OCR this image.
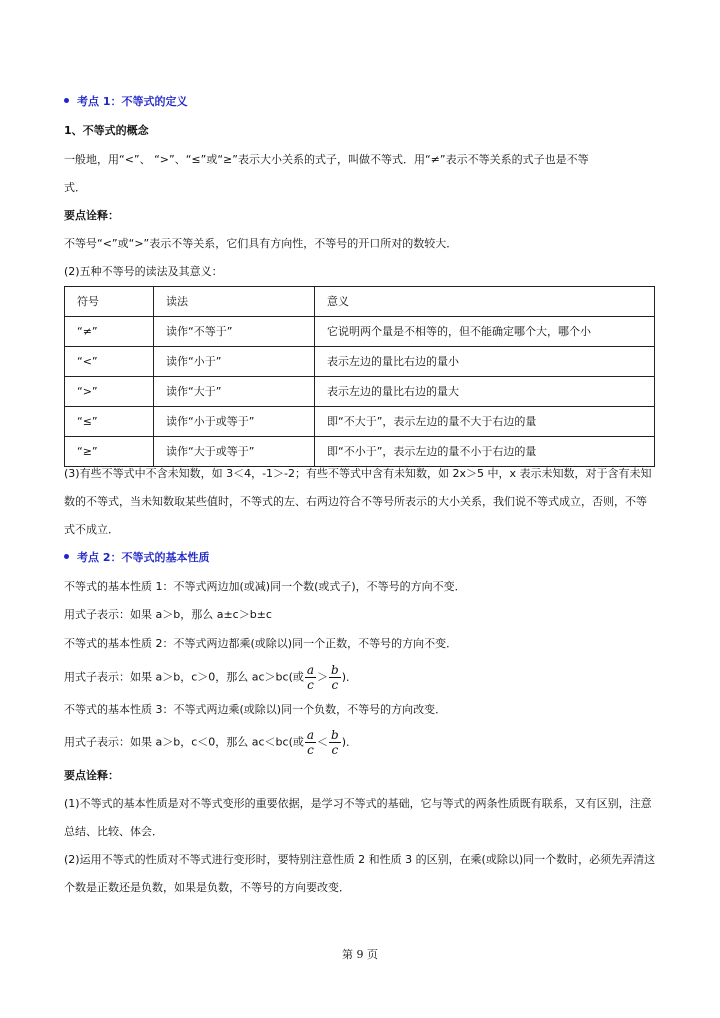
考点 1：不等式的定义
1、不等式的概念
一般地，用“<”、 “>”、“≤”或“≥”表示大小关系的式子，叫做不等式．用“≠”表示不等关系的式子也是不等
式．
要点诠释：
不等号“<”或“>”表示不等关系，它们具有方向性，不等号的开口所对的数较大．
(2)五种不等号的读法及其意义：
符号	读法	意义
“≠”	读作“不等于”	它说明两个量是不相等的，但不能确定哪个大，哪个小
“<”	读作“小于”	表示左边的量比右边的量小
“>”	读作“大于”	表示左边的量比右边的量大
“≤”	读作“小于或等于”	即“不大于”，表示左边的量不大于右边的量
“≥”	读作“大于或等于”	即“不小于”，表示左边的量不小于右边的量
(3)有些不等式中不含未知数，如 3＜4，-1＞-2；有些不等式中含有未知数，如 2x＞5 中，x 表示未知数，对于含有未知
数的不等式，当未知数取某些值时，不等式的左、右两边符合不等号所表示的大小关系，我们说不等式成立，否则，不等
式不成立．
考点 2：不等式的基本性质
不等式的基本性质 1：不等式两边加(或减)同一个数(或式子)，不等号的方向不变．
用式子表示：如果 a＞b，那么 a±c＞b±c
不等式的基本性质 2：不等式两边都乘(或除以)同一个正数，不等号的方向不变．
用式子表示：如果 a＞b，c＞0，那么 ac＞bc(或 $\frac{a}{c} > \frac{b}{c}$ )．
不等式的基本性质 3：不等式两边乘(或除以)同一个负数，不等号的方向改变．
用式子表示：如果 a＞b，c＜0，那么 ac＜bc(或 $\frac{a}{c} < \frac{b}{c}$ )．
要点诠释：
(1)不等式的基本性质是对不等式变形的重要依据，是学习不等式的基础，它与等式的两条性质既有联系，又有区别，注意
总结、比较、体会．
(2)运用不等式的性质对不等式进行变形时，要特别注意性质 2 和性质 3 的区别，在乘(或除以)同一个数时，必须先弄清这
个数是正数还是负数，如果是负数，不等号的方向要改变．
第 9 页
